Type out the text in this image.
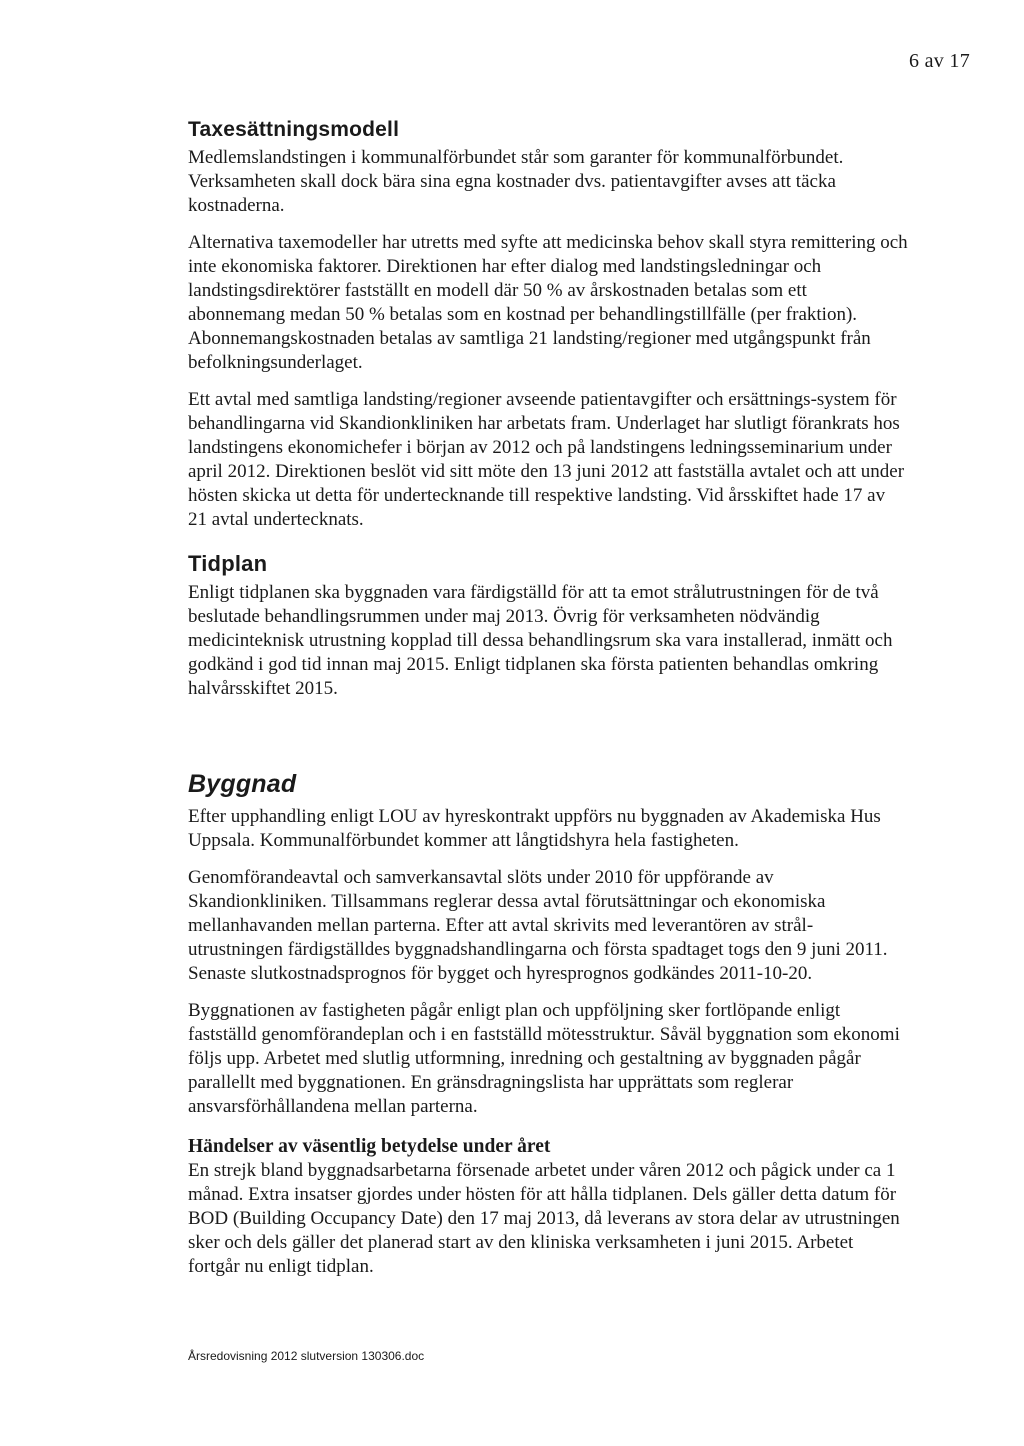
6 av 17
Taxesättningsmodell

Medlemslandstingen i kommunalförbundet står som garanter för kommunalförbundet. Verksamheten skall dock bära sina egna kostnader dvs. patientavgifter avses att täcka kostnaderna.

Alternativa taxemodeller har utretts med syfte att medicinska behov skall styra remittering och inte ekonomiska faktorer. Direktionen har efter dialog med landstingsledningar och landstingsdirektörer fastställt en modell där 50 % av årskostnaden betalas som ett abonnemang medan 50 % betalas som en kostnad per behandlingstillfälle (per fraktion). Abonnemangskostnaden betalas av samtliga 21 landsting/regioner med utgångspunkt från befolkningsunderlaget.

Ett avtal med samtliga landsting/regioner avseende patientavgifter och ersättnings-system för behandlingarna vid Skandionkliniken har arbetats fram. Underlaget har slutligt förankrats hos landstingens ekonomichefer i början av 2012 och på landstingens ledningsseminarium under april 2012. Direktionen beslöt vid sitt möte den 13 juni 2012 att fastställa avtalet och att under hösten skicka ut detta för undertecknande till respektive landsting. Vid årsskiftet hade 17 av 21 avtal undertecknats.

Tidplan

Enligt tidplanen ska byggnaden vara färdigställd för att ta emot strålutrustningen för de två beslutade behandlingsrummen under maj 2013. Övrig för verksamheten nödvändig medicinteknisk utrustning kopplad till dessa behandlingsrum ska vara installerad, inmätt och godkänd i god tid innan maj 2015. Enligt tidplanen ska första patienten behandlas omkring halvårsskiftet 2015.

Byggnad

Efter upphandling enligt LOU av hyreskontrakt uppförs nu byggnaden av Akademiska Hus Uppsala. Kommunalförbundet kommer att långtidshyra hela fastigheten.

Genomförandeavtal och samverkansavtal slöts under 2010 för uppförande av Skandionkliniken. Tillsammans reglerar dessa avtal förutsättningar och ekonomiska mellanhavanden mellan parterna. Efter att avtal skrivits med leverantören av strål-utrustningen färdigställdes byggnadshandlingarna och första spadtaget togs den 9 juni 2011. Senaste slutkostnadsprognos för bygget och hyresprognos godkändes 2011-10-20.

Byggnationen av fastigheten pågår enligt plan och uppföljning sker fortlöpande enligt fastställd genomförandeplan och i en fastställd mötesstruktur. Såväl byggnation som ekonomi följs upp. Arbetet med slutlig utformning, inredning och gestaltning av byggnaden pågår parallellt med byggnationen. En gränsdragningslista har upprättats som reglerar ansvarsförhållandena mellan parterna.

Händelser av väsentlig betydelse under året

En strejk bland byggnadsarbetarna försenade arbetet under våren 2012 och pågick under ca 1 månad. Extra insatser gjordes under hösten för att hålla tidplanen. Dels gäller detta datum för BOD (Building Occupancy Date) den 17 maj 2013, då leverans av stora delar av utrustningen sker och dels gäller det planerad start av den kliniska verksamheten i juni 2015. Arbetet fortgår nu enligt tidplan.

Årsredovisning 2012 slutversion 130306.doc
